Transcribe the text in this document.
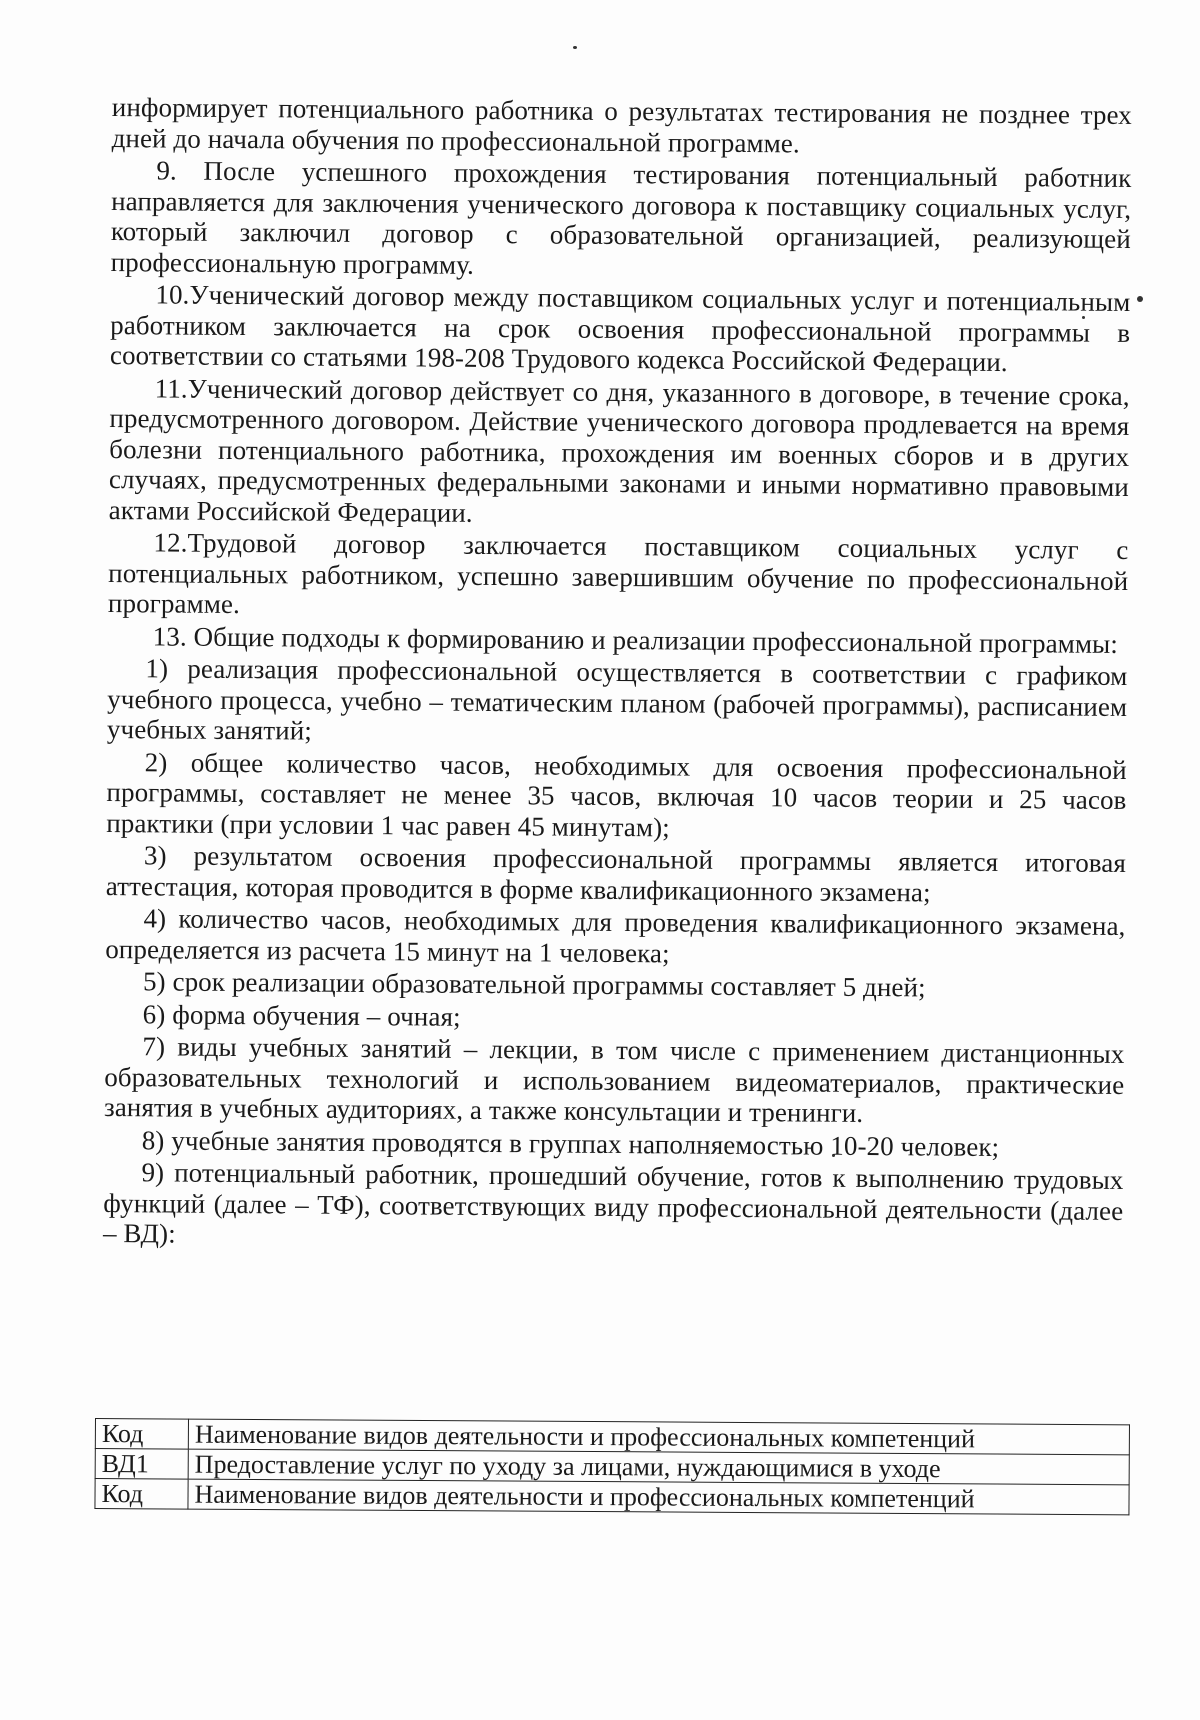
информирует потенциального работника о результатах тестирования не позднее трех дней до начала обучения по профессиональной программе.

9. После успешного прохождения тестирования потенциальный работник направляется для заключения ученического договора к поставщику социальных услуг, который заключил договор с образовательной организацией, реализующей профессиональную программу.

10.Ученический договор между поставщиком социальных услуг и потенциальным работником заключается на срок освоения профессиональной программы в соответствии со статьями 198-208 Трудового кодекса Российской Федерации.

11.Ученический договор действует со дня, указанного в договоре, в течение срока, предусмотренного договором. Действие ученического договора продлевается на время болезни потенциального работника, прохождения им военных сборов и в других случаях, предусмотренных федеральными законами и иными нормативно правовыми актами Российской Федерации.

12.Трудовой договор заключается поставщиком социальных услуг с потенциальных работником, успешно завершившим обучение по профессиональной программе.

13. Общие подходы к формированию и реализации профессиональной программы:

1) реализация профессиональной осуществляется в соответствии с графиком учебного процесса, учебно – тематическим планом (рабочей программы), расписанием учебных занятий;

2) общее количество часов, необходимых для освоения профессиональной программы, составляет не менее 35 часов, включая 10 часов теории и 25 часов практики (при условии 1 час равен 45 минутам);

3) результатом освоения профессиональной программы является итоговая аттестация, которая проводится в форме квалификационного экзамена;

4) количество часов, необходимых для проведения квалификационного экзамена, определяется из расчета 15 минут на 1 человека;

5) срок реализации образовательной программы составляет 5 дней;

6) форма обучения – очная;

7) виды учебных занятий – лекции, в том числе с применением дистанционных образовательных технологий и использованием видеоматериалов, практические занятия в учебных аудиториях, а также консультации и тренинги.

8) учебные занятия проводятся в группах наполняемостью 10-20 человек;

9) потенциальный работник, прошедший обучение, готов к выполнению трудовых функций (далее – ТФ), соответствующих виду профессиональной деятельности (далее – ВД):

Код	Наименование видов деятельности и профессиональных компетенций
ВД1	Предоставление услуг по уходу за лицами, нуждающимися в уходе
Код	Наименование видов деятельности и профессиональных компетенций
